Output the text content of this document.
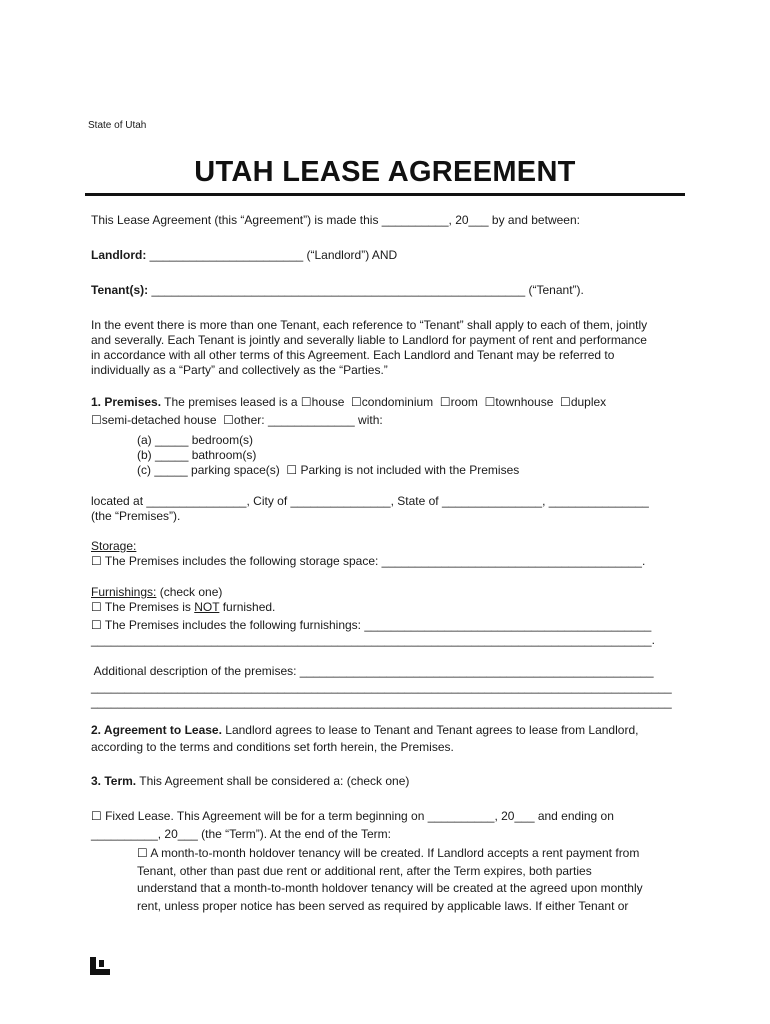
State of Utah
UTAH LEASE AGREEMENT
This Lease Agreement (this “Agreement”) is made this __________, 20___ by and between:
Landlord: _______________________ (“Landlord”) AND
Tenant(s): ________________________________________________________ (“Tenant”).
In the event there is more than one Tenant, each reference to “Tenant” shall apply to each of them, jointly
and severally. Each Tenant is jointly and severally liable to Landlord for payment of rent and performance
in accordance with all other terms of this Agreement. Each Landlord and Tenant may be referred to
individually as a “Party” and collectively as the “Parties.”
1. Premises. The premises leased is a ☐house  ☐condominium  ☐room  ☐townhouse  ☐duplex
☐semi-detached house  ☐other: _____________ with:
(a) _____ bedroom(s)
(b) _____ bathroom(s)
(c) _____ parking space(s)  ☐ Parking is not included with the Premises
located at _______________, City of _______________, State of _______________, _______________
(the “Premises”).
Storage:
☐ The Premises includes the following storage space: _______________________________________.
Furnishings: (check one)
☐ The Premises is NOT furnished.
☐ The Premises includes the following furnishings: ___________________________________________
____________________________________________________________________________________.
Additional description of the premises: _____________________________________________________
_______________________________________________________________________________________
_______________________________________________________________________________________
2. Agreement to Lease. Landlord agrees to lease to Tenant and Tenant agrees to lease from Landlord,
according to the terms and conditions set forth herein, the Premises.
3. Term. This Agreement shall be considered a: (check one)
☐ Fixed Lease. This Agreement will be for a term beginning on __________, 20___ and ending on
__________, 20___ (the “Term”). At the end of the Term:
☐ A month-to-month holdover tenancy will be created. If Landlord accepts a rent payment from
Tenant, other than past due rent or additional rent, after the Term expires, both parties
understand that a month-to-month holdover tenancy will be created at the agreed upon monthly
rent, unless proper notice has been served as required by applicable laws. If either Tenant or
